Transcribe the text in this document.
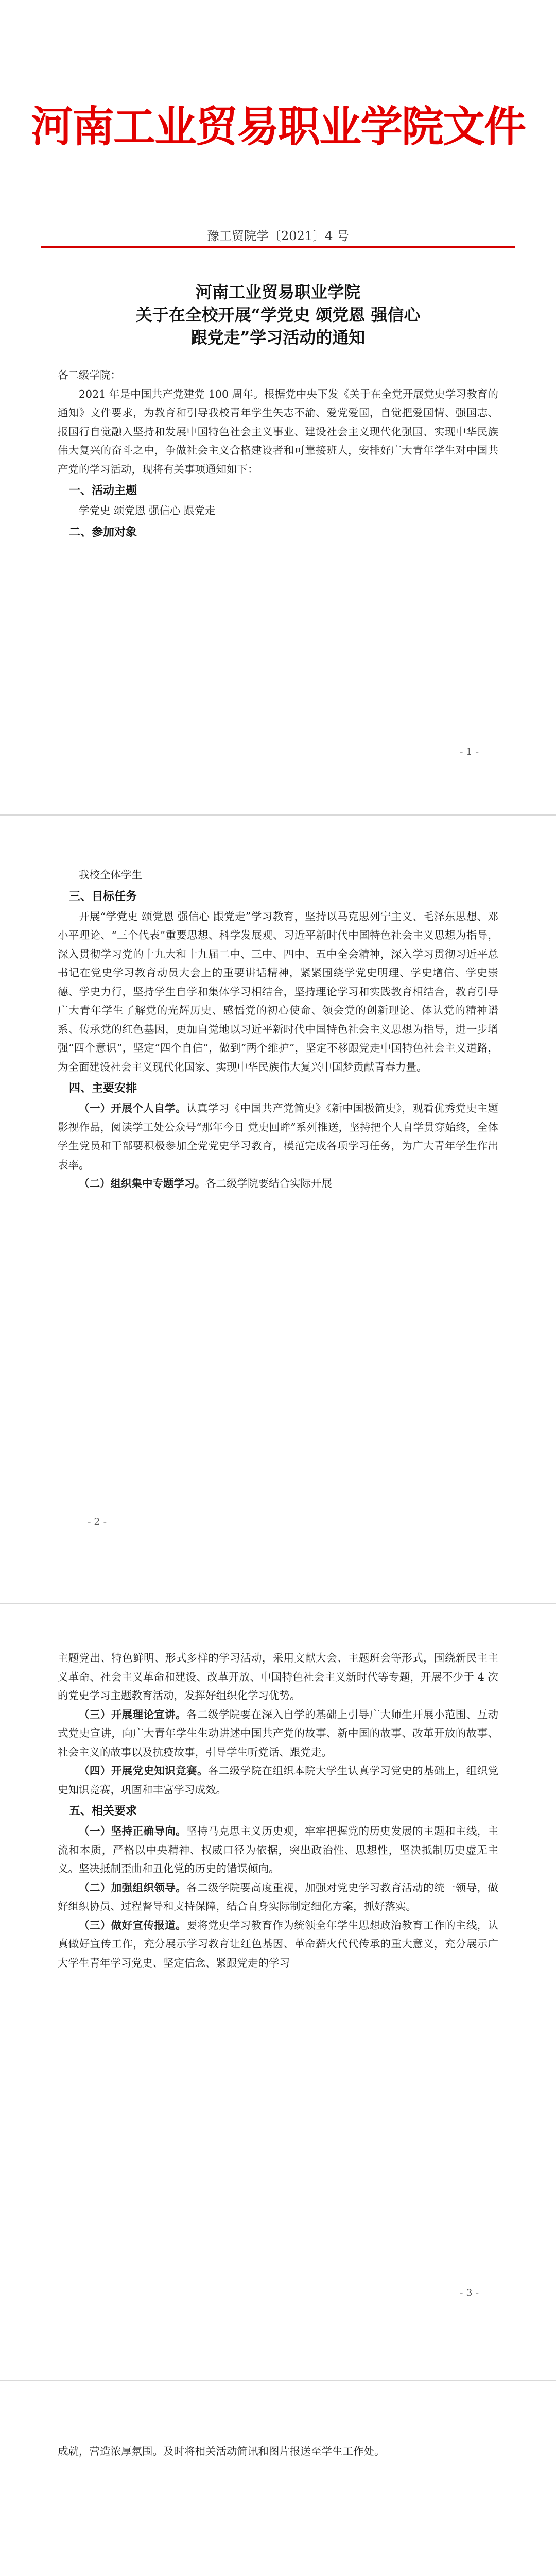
河南工业贸易职业学院文件
豫工贸院学〔2021〕4 号
河南工业贸易职业学院
关于在全校开展“学党史 颂党恩 强信心
跟党走”学习活动的通知

各二级学院：

2021 年是中国共产党建党 100 周年。根据党中央下发《关于在全党开展党史学习教育的通知》文件要求，为教育和引导我校青年学生矢志不渝、爱党爱国，自觉把爱国情、强国志、报国行自觉融入坚持和发展中国特色社会主义事业、建设社会主义现代化强国、实现中华民族伟大复兴的奋斗之中，争做社会主义合格建设者和可靠接班人，安排好广大青年学生对中国共产党的学习活动，现将有关事项通知如下：

一、活动主题

学党史 颂党恩 强信心 跟党走

二、参加对象
- 1 -

我校全体学生

三、目标任务

开展“学党史 颂党恩 强信心 跟党走”学习教育，坚持以马克思列宁主义、毛泽东思想、邓小平理论、“三个代表”重要思想、科学发展观、习近平新时代中国特色社会主义思想为指导，深入贯彻学习党的十九大和十九届二中、三中、四中、五中全会精神，深入学习贯彻习近平总书记在党史学习教育动员大会上的重要讲话精神，紧紧围绕学党史明理、学史增信、学史崇德、学史力行，坚持学生自学和集体学习相结合，坚持理论学习和实践教育相结合，教育引导广大青年学生了解党的光辉历史、感悟党的初心使命、领会党的创新理论、体认党的精神谱系、传承党的红色基因，更加自觉地以习近平新时代中国特色社会主义思想为指导，进一步增强“四个意识”，坚定“四个自信”，做到“两个维护”，坚定不移跟党走中国特色社会主义道路，为全面建设社会主义现代化国家、实现中华民族伟大复兴中国梦贡献青春力量。

四、主要安排

（一）开展个人自学。认真学习《中国共产党简史》《新中国极简史》，观看优秀党史主题影视作品，阅读学工处公众号“那年今日 党史回眸”系列推送，坚持把个人自学贯穿始终，全体学生党员和干部要积极参加全党党史学习教育，模范完成各项学习任务，为广大青年学生作出表率。

（二）组织集中专题学习。各二级学院要结合实际开展

- 2 -

主题党出、特色鲜明、形式多样的学习活动，采用文献大会、主题班会等形式，围绕新民主主义革命、社会主义革命和建设、改革开放、中国特色社会主义新时代等专题，开展不少于 4 次的党史学习主题教育活动，发挥好组织化学习优势。

（三）开展理论宣讲。各二级学院要在深入自学的基础上引导广大师生开展小范围、互动式党史宣讲，向广大青年学生生动讲述中国共产党的故事、新中国的故事、改革开放的故事、社会主义的故事以及抗疫故事，引导学生听党话、跟党走。

（四）开展党史知识竞赛。各二级学院在组织本院大学生认真学习党史的基础上，组织党史知识竞赛，巩固和丰富学习成效。

五、相关要求

（一）坚持正确导向。坚持马克思主义历史观，牢牢把握党的历史发展的主题和主线，主流和本质，严格以中央精神、权威口径为依据，突出政治性、思想性，坚决抵制历史虚无主义。坚决抵制歪曲和丑化党的历史的错误倾向。

（二）加强组织领导。各二级学院要高度重视，加强对党史学习教育活动的统一领导，做好组织协员、过程督导和支持保障，结合自身实际制定细化方案，抓好落实。

（三）做好宣传报道。要将党史学习教育作为统领全年学生思想政治教育工作的主线，认真做好宣传工作，充分展示学习教育让红色基因、革命薪火代代传承的重大意义，充分展示广大学生青年学习党史、坚定信念、紧跟党走的学习

- 3 -

成就，营造浓厚氛围。及时将相关活动简讯和图片报送至学生工作处。
